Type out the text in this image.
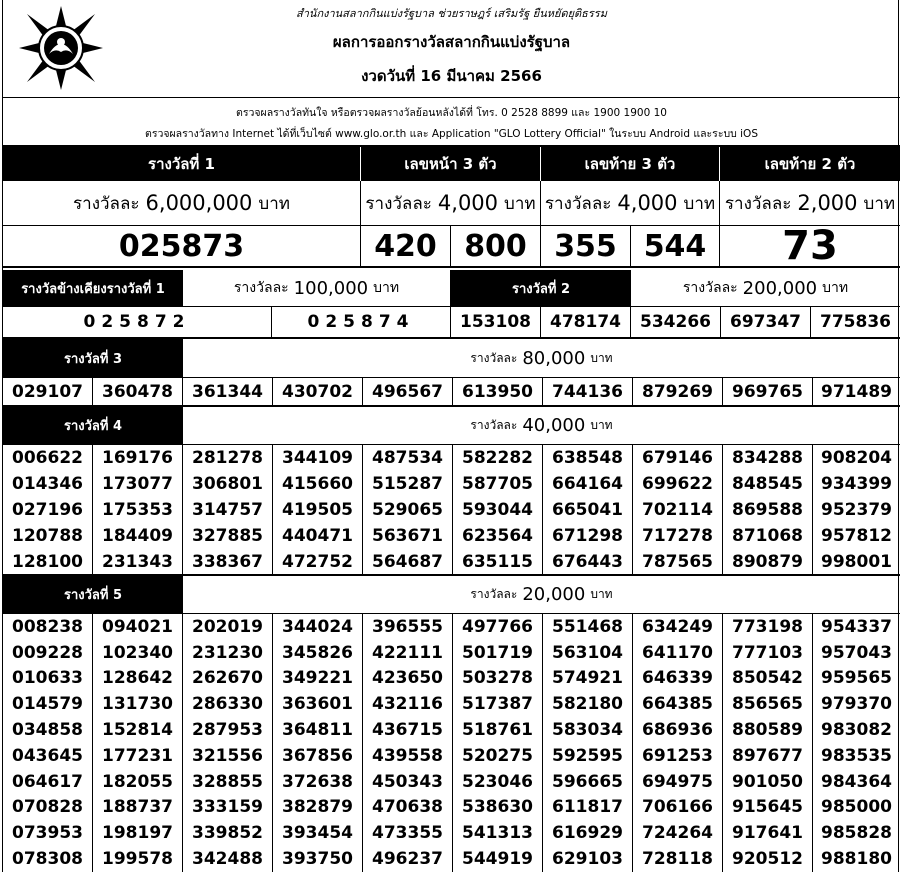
สำนักงานสลากกินแบ่งรัฐบาล ช่วยราษฎร์ เสริมรัฐ ยืนหยัดยุติธรรม
ผลการออกรางวัลสลากกินแบ่งรัฐบาล
งวดวันที่ 16 มีนาคม 2566
ตรวจผลรางวัลทันใจ หรือตรวจผลรางวัลย้อนหลังได้ที่ โทร. 0 2528 8899 และ 1900 1900 10
ตรวจผลรางวัลทาง Internet ได้ที่เว็บไซต์ www.glo.or.th และ Application "GLO Lottery Official" ในระบบ Android และระบบ iOS
รางวัลที่ 1	เลขหน้า 3 ตัว	เลขท้าย 3 ตัว	เลขท้าย 2 ตัว
รางวัลละ 6,000,000 บาท	รางวัลละ 4,000 บาท รางวัลละ 4,000 บาท รางวัลละ 2,000 บาท
025873	420 800 355 544	73
รางวัลข้างเคียงรางวัลที่ 1	รางวัลละ 100,000 บาท	รางวัลที่ 2	รางวัลละ 200,000 บาท
025872	025874	153108	478174	534266	697347	775836
รางวัลที่ 3	รางวัลละ 80,000 บาท
029107	360478	361344	430702	496567	613950	744136	879269	969765	971489
รางวัลที่ 4	รางวัลละ 40,000 บาท
006622	169176	281278	344109	487534	582282	638548	679146	834288	908204
014346	173077	306801	415660	515287	587705	664164	699622	848545	934399
027196	175353	314757	419505	529065	593044	665041	702114	869588	952379
120788	184409	327885	440471	563671	623564	671298	717278	871068	957812
128100	231343	338367	472752	564687	635115	676443	787565	890879	998001
รางวัลที่ 5	รางวัลละ 20,000 บาท
008238	094021	202019	344024	396555	497766	551468	634249	773198	954337
009228	102340	231230	345826	422111	501719	563104	641170	777103	957043
010633	128642	262670	349221	423650	503278	574921	646339	850542	959565
014579	131730	286330	363601	432116	517387	582180	664385	856565	979370
034858	152814	287953	364811	436715	518761	583034	686936	880589	983082
043645	177231	321556	367856	439558	520275	592595	691253	897677	983535
064617	182055	328855	372638	450343	523046	596665	694975	901050	984364
070828	188737	333159	382879	470638	538630	611817	706166	915645	985000
073953	198197	339852	393454	473355	541313	616929	724264	917641	985828
078308	199578	342488	393750	496237	544919	629103	728118	920512	988180
